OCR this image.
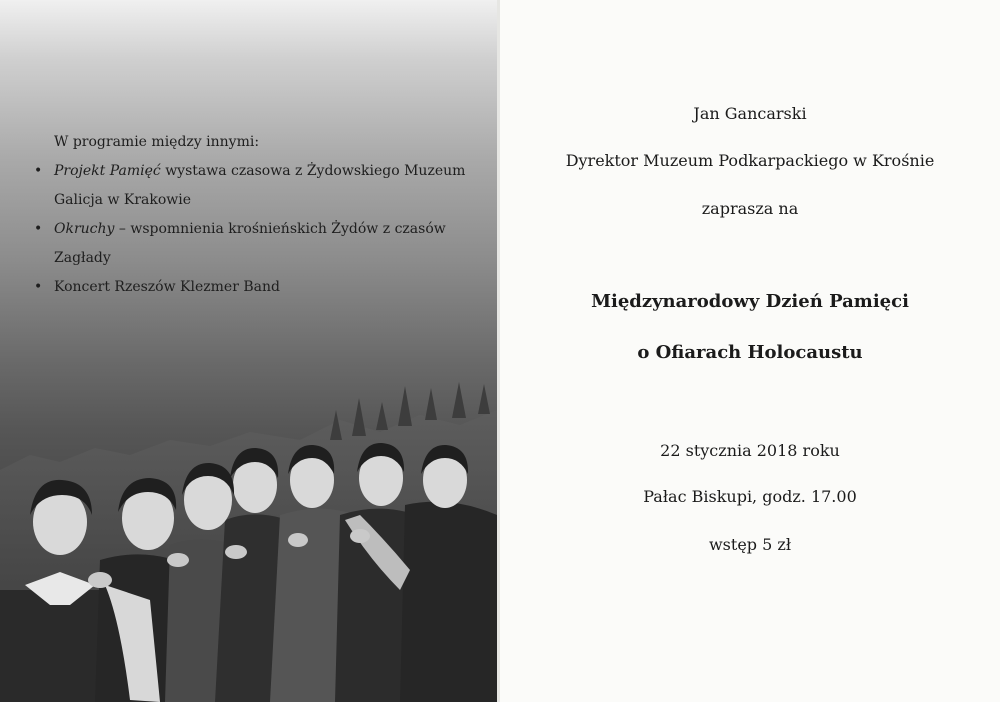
W programie między innymi:
• Projekt Pamięć wystawa czasowa z Żydowskiego Muzeum
Galicja w Krakowie
• Okruchy – wspomnienia krośnieńskich Żydów z czasów
Zagłady
• Koncert Rzeszów Klezmer Band
Jan Gancarski
Dyrektor Muzeum Podkarpackiego w Krośnie
zaprasza na
Międzynarodowy Dzień Pamięci
o Ofiarach Holocaustu
22 stycznia 2018 roku
Pałac Biskupi, godz. 17.00
wstęp 5 zł
